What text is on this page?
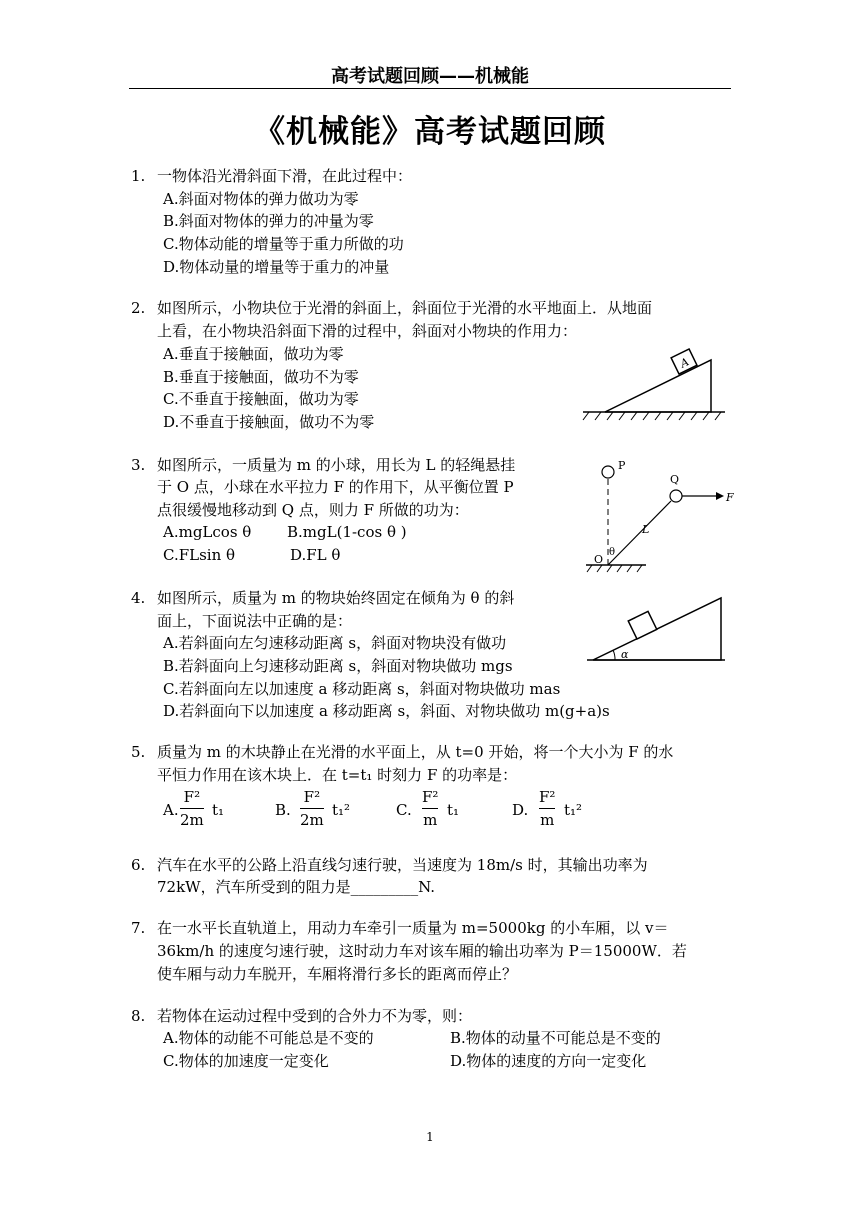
高考试题回顾——机械能
《机械能》高考试题回顾
1. 一物体沿光滑斜面下滑，在此过程中：
A.斜面对物体的弹力做功为零
B.斜面对物体的弹力的冲量为零
C.物体动能的增量等于重力所做的功
D.物体动量的增量等于重力的冲量
2. 如图所示，小物块位于光滑的斜面上，斜面位于光滑的水平地面上．从地面
上看，在小物块沿斜面下滑的过程中，斜面对小物块的作用力：
A.垂直于接触面，做功为零
B.垂直于接触面，做功不为零
C.不垂直于接触面，做功为零
D.不垂直于接触面，做功不为零
A
3. 如图所示，一质量为 m 的小球，用长为 L 的轻绳悬挂
于 O 点，小球在水平拉力 F 的作用下，从平衡位置 P
点很缓慢地移动到 Q 点，则力 F 所做的功为：
A.mgLcos θ B.mgL(1-cos θ )
C.FLsin θ	D.FL θ
P
Q
F
L
O
θ
4. 如图所示，质量为 m 的物块始终固定在倾角为 θ 的斜
面上，下面说法中正确的是：
A.若斜面向左匀速移动距离 s，斜面对物块没有做功
B.若斜面向上匀速移动距离 s，斜面对物块做功 mgs
C.若斜面向左以加速度 a 移动距离 s，斜面对物块做功 mas
D.若斜面向下以加速度 a 移动距离 s，斜面、对物块做功 m(g+a)s
α
5. 质量为 m 的木块静止在光滑的水平面上，从 t=0 开始，将一个大小为 F 的水
平恒力作用在该木块上．在 t=t₁ 时刻力 F 的功率是：
A.
F²
2m
t₁	B.
F²
2m
t₁²	C.
F²
m
t₁	D.
F²
m
t₁²
6. 汽车在水平的公路上沿直线匀速行驶，当速度为 18m/s 时，其输出功率为
72kW，汽车所受到的阻力是_________N.
7. 在一水平长直轨道上，用动力车牵引一质量为 m=5000kg 的小车厢，以 v＝
36km/h 的速度匀速行驶，这时动力车对该车厢的输出功率为 P＝15000W．若
使车厢与动力车脱开，车厢将滑行多长的距离而停止？
8. 若物体在运动过程中受到的合外力不为零，则：
A.物体的动能不可能总是不变的	B.物体的动量不可能总是不变的
C.物体的加速度一定变化	D.物体的速度的方向一定变化
1
